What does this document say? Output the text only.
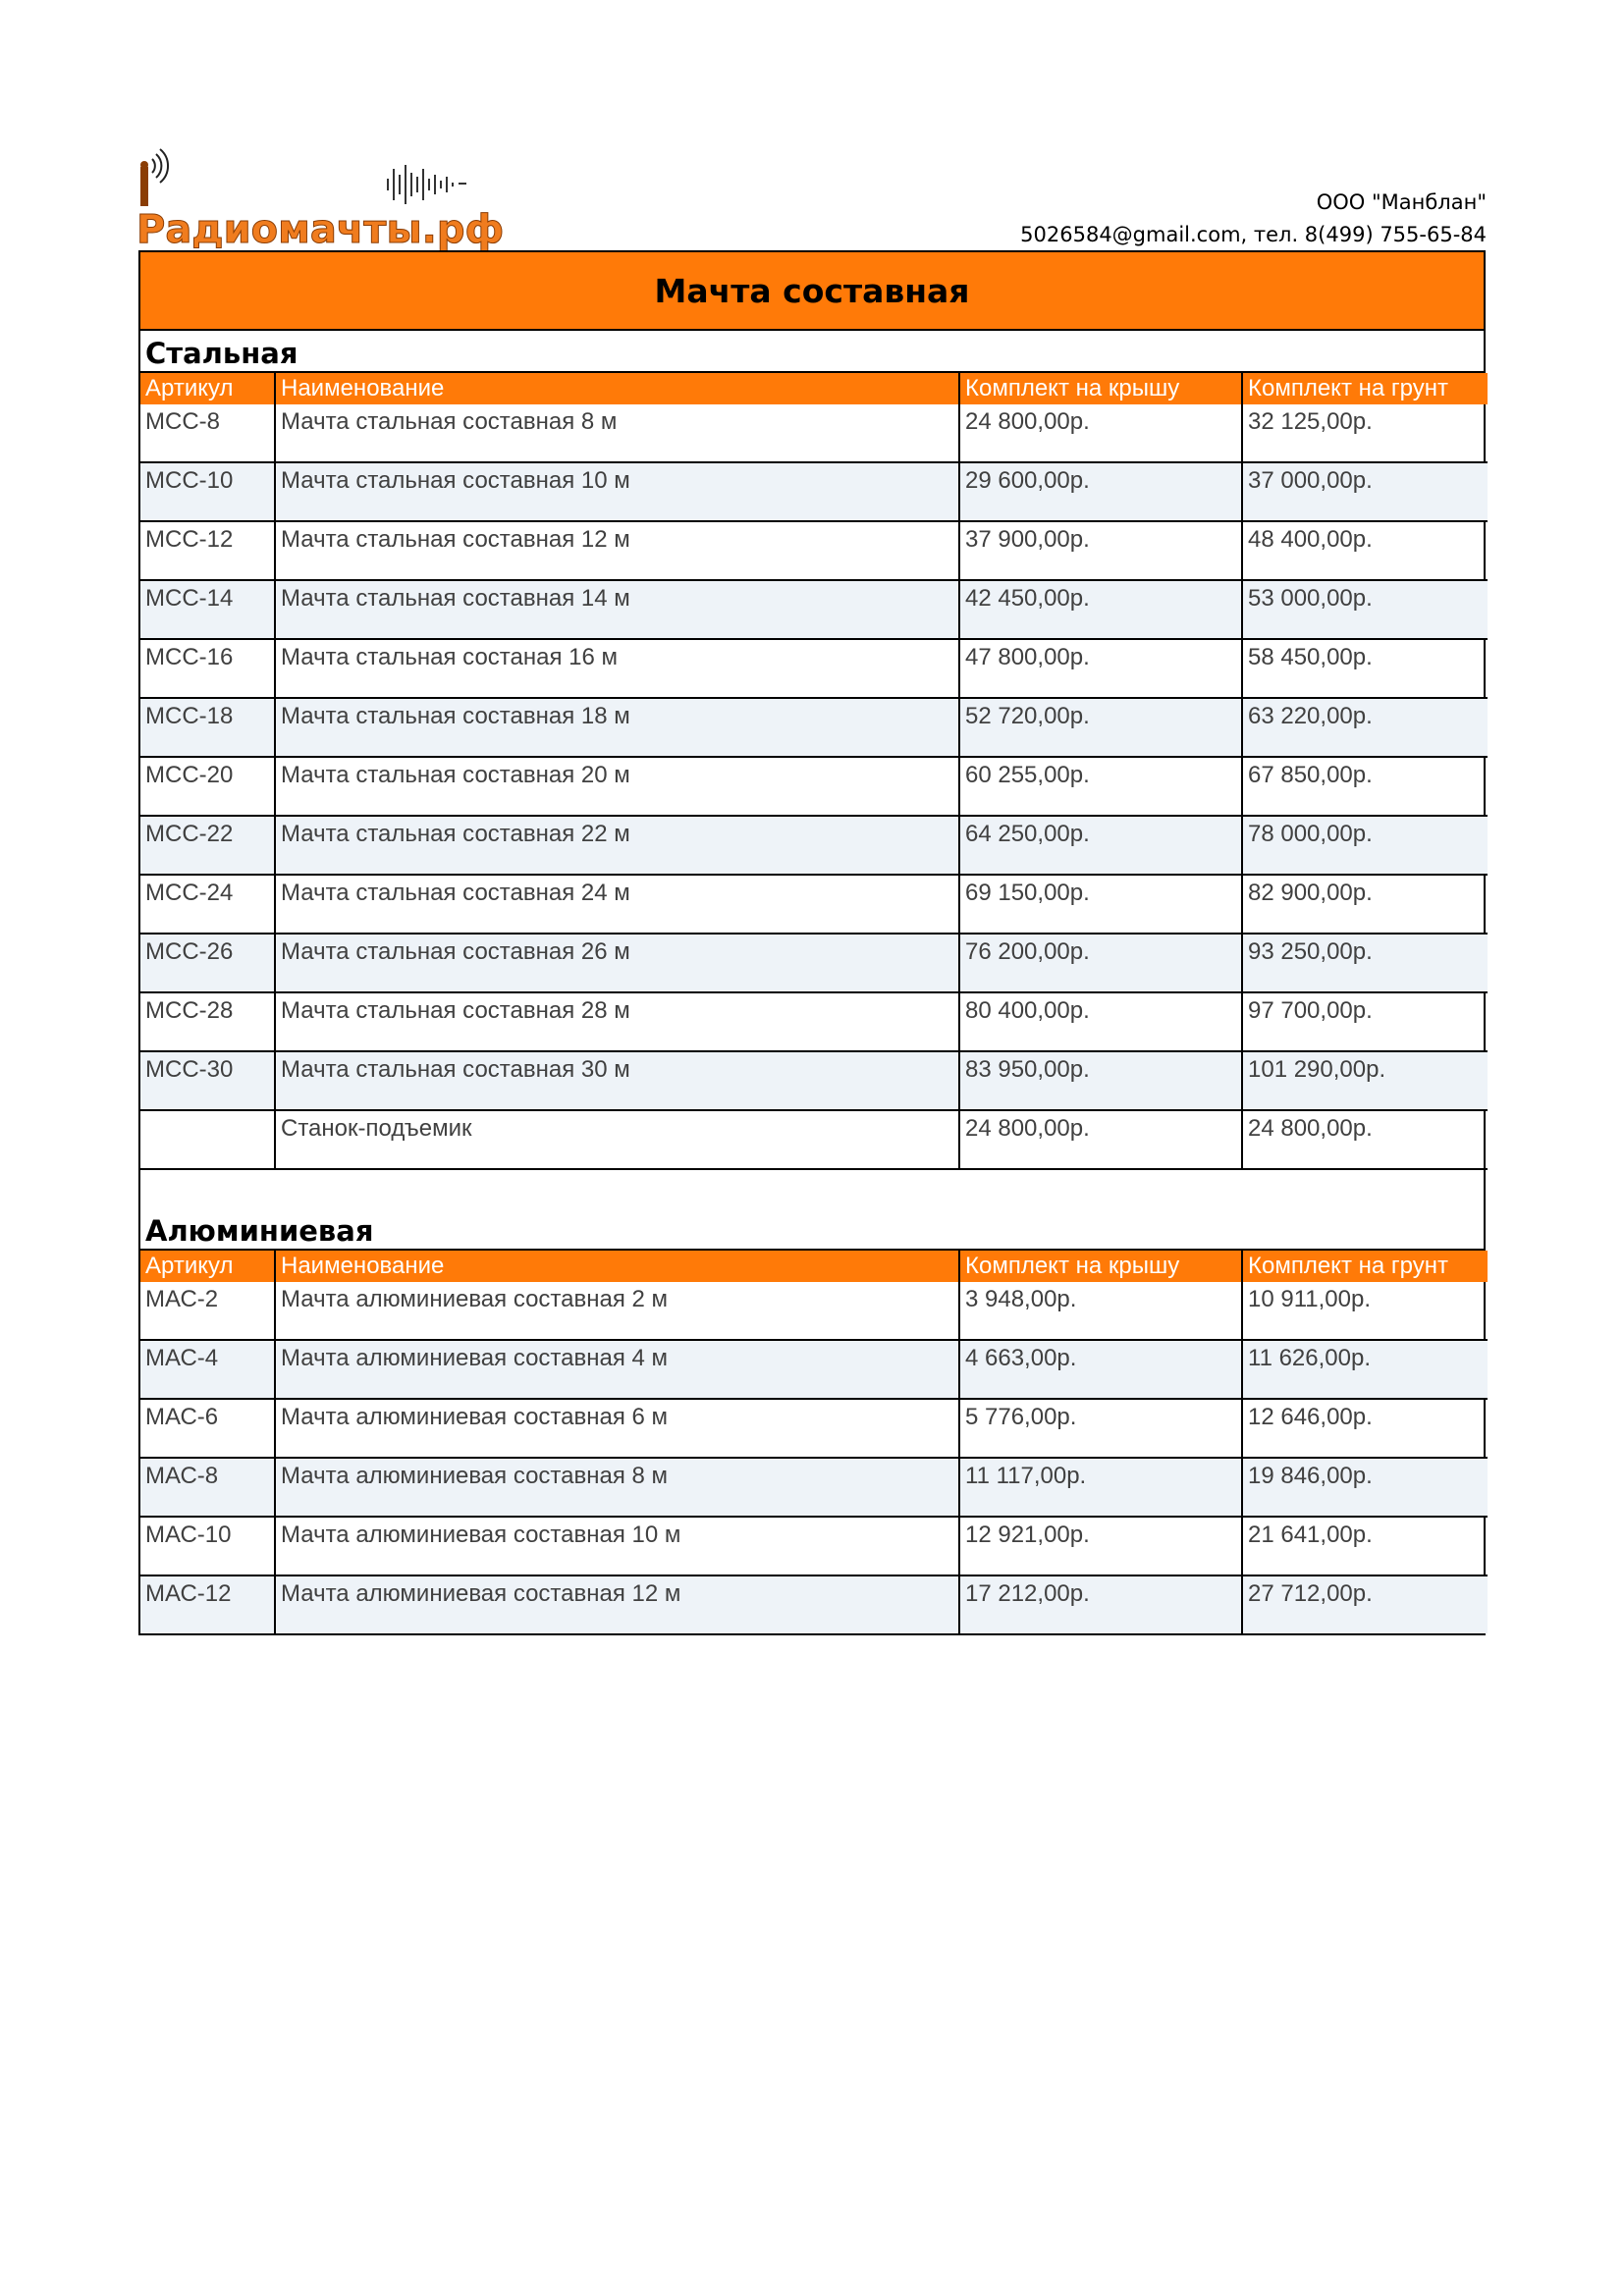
Радиомачты.рф
ООО "Манблан"
5026584@gmail.com, тел. 8(499) 755-65-84
Мачта составная
Стальная
Артикул	Наименование	Комплект на крышу	Комплект на грунт
МСС-8	Мачта стальная составная 8 м	24 800,00р.	32 125,00р.
МСС-10	Мачта стальная составная 10 м	29 600,00р.	37 000,00р.
МСС-12	Мачта стальная составная 12 м	37 900,00р.	48 400,00р.
МСС-14	Мачта стальная составная 14 м	42 450,00р.	53 000,00р.
МСС-16	Мачта стальная состаная 16 м	47 800,00р.	58 450,00р.
МСС-18	Мачта стальная составная 18 м	52 720,00р.	63 220,00р.
МСС-20	Мачта стальная составная 20 м	60 255,00р.	67 850,00р.
МСС-22	Мачта стальная составная 22 м	64 250,00р.	78 000,00р.
МСС-24	Мачта стальная составная 24 м	69 150,00р.	82 900,00р.
МСС-26	Мачта стальная составная 26 м	76 200,00р.	93 250,00р.
МСС-28	Мачта стальная составная 28 м	80 400,00р.	97 700,00р.
МСС-30	Мачта стальная составная 30 м	83 950,00р.	101 290,00р.
	Станок-подъемик	24 800,00р.	24 800,00р.
Алюминиевая
Артикул	Наименование	Комплект на крышу	Комплект на грунт
МАС-2	Мачта алюминиевая составная 2 м	3 948,00р.	10 911,00р.
МАС-4	Мачта алюминиевая составная 4 м	4 663,00р.	11 626,00р.
МАС-6	Мачта алюминиевая составная 6 м	5 776,00р.	12 646,00р.
МАС-8	Мачта алюминиевая составная 8 м	11 117,00р.	19 846,00р.
МАС-10	Мачта алюминиевая составная 10 м	12 921,00р.	21 641,00р.
МАС-12	Мачта алюминиевая составная 12 м	17 212,00р.	27 712,00р.
